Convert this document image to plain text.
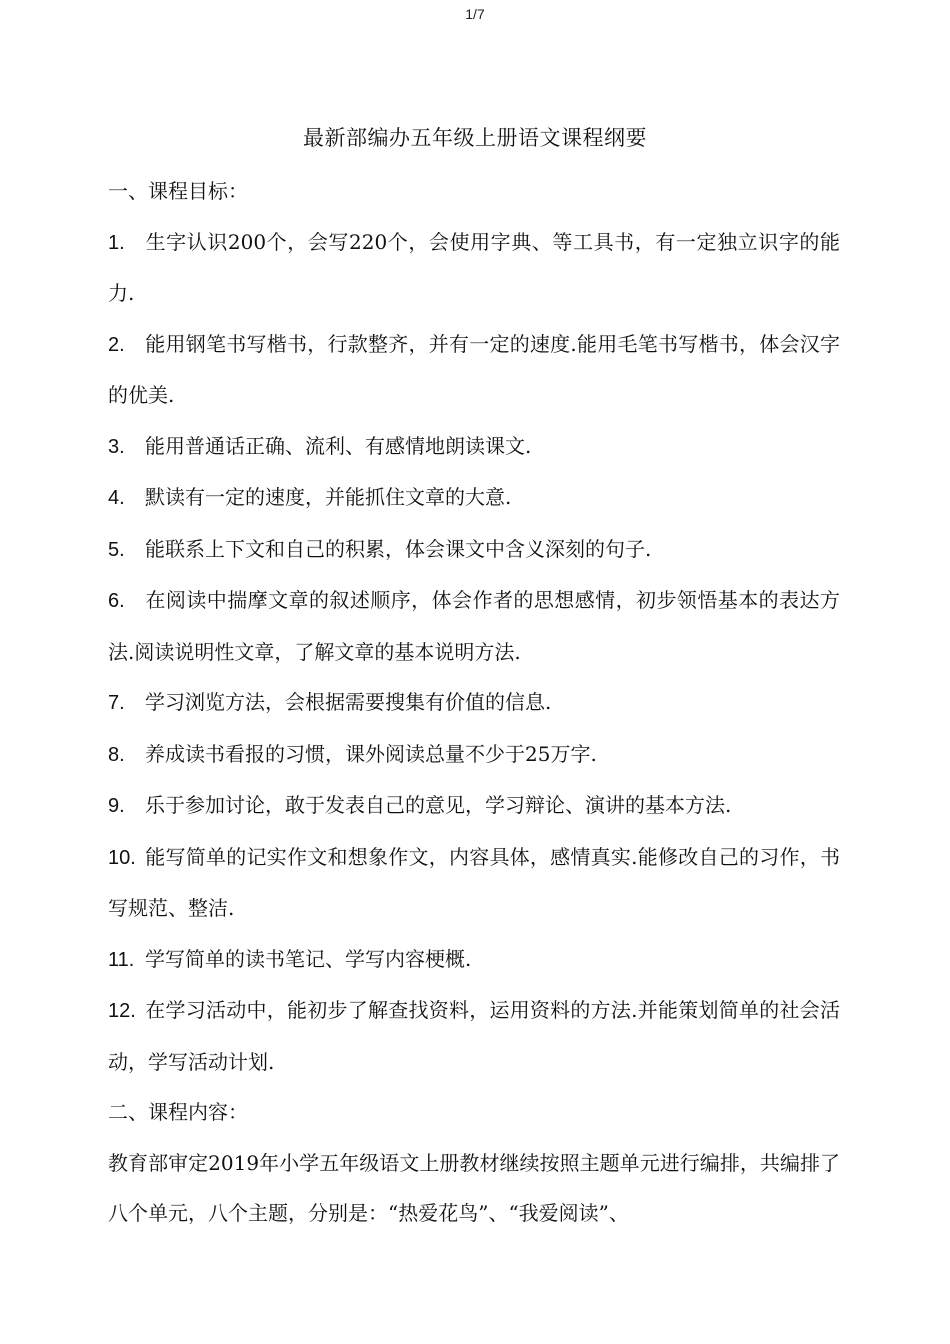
1/7
最新部编办五年级上册语文课程纲要

一、课程目标：

1. 生字认识200个，会写220个，会使用字典、等工具书，有一定独立识字的能力.

2. 能用钢笔书写楷书，行款整齐，并有一定的速度.能用毛笔书写楷书，体会汉字的优美.

3. 能用普通话正确、流利、有感情地朗读课文.

4. 默读有一定的速度，并能抓住文章的大意.

5. 能联系上下文和自己的积累，体会课文中含义深刻的句子.

6. 在阅读中揣摩文章的叙述顺序，体会作者的思想感情，初步领悟基本的表达方法.阅读说明性文章，了解文章的基本说明方法.

7. 学习浏览方法，会根据需要搜集有价值的信息.

8. 养成读书看报的习惯，课外阅读总量不少于25万字.

9. 乐于参加讨论，敢于发表自己的意见，学习辩论、演讲的基本方法.

10. 能写简单的记实作文和想象作文，内容具体，感情真实.能修改自己的习作，书写规范、整洁.

11. 学写简单的读书笔记、学写内容梗概.

12. 在学习活动中，能初步了解查找资料，运用资料的方法.并能策划简单的社会活动，学写活动计划.

二、课程内容：

教育部审定2019年小学五年级语文上册教材继续按照主题单元进行编排，共编排了八个单元，八个主题，分别是：“热爱花鸟”、“我爱阅读”、
